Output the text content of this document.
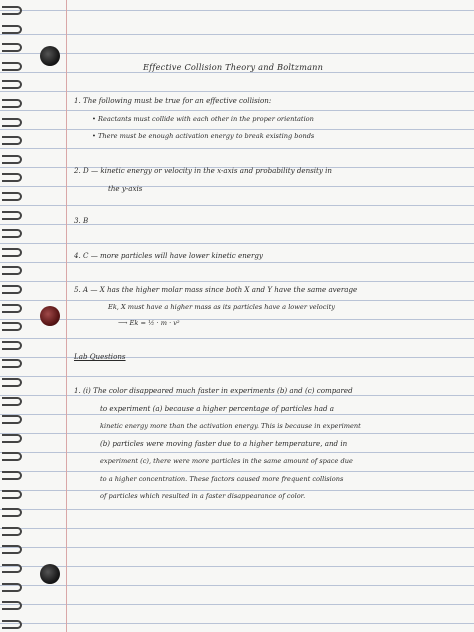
Effective Collision Theory and Boltzmann
1. The following must be true for an effective collision:
• Reactants must collide with each other in the proper orientation
• There must be enough activation energy to break existing bonds
2. D — kinetic energy or velocity in the x-axis and probability density in
the y-axis
3. B
4. C — more particles will have lower kinetic energy
5. A — X has the higher molar mass since both X and Y have the same average
Ek, X must have a higher mass as its particles have a lower velocity
⟶ Ek = ½ · m · v²
Lab Questions
1. (i) The color disappeared much faster in experiments (b) and (c) compared
to experiment (a) because a higher percentage of particles had a
kinetic energy more than the activation energy. This is because in experiment
(b) particles were moving faster due to a higher temperature, and in
experiment (c), there were more particles in the same amount of space due
to a higher concentration. These factors caused more frequent collisions
of particles which resulted in a faster disappearance of color.
